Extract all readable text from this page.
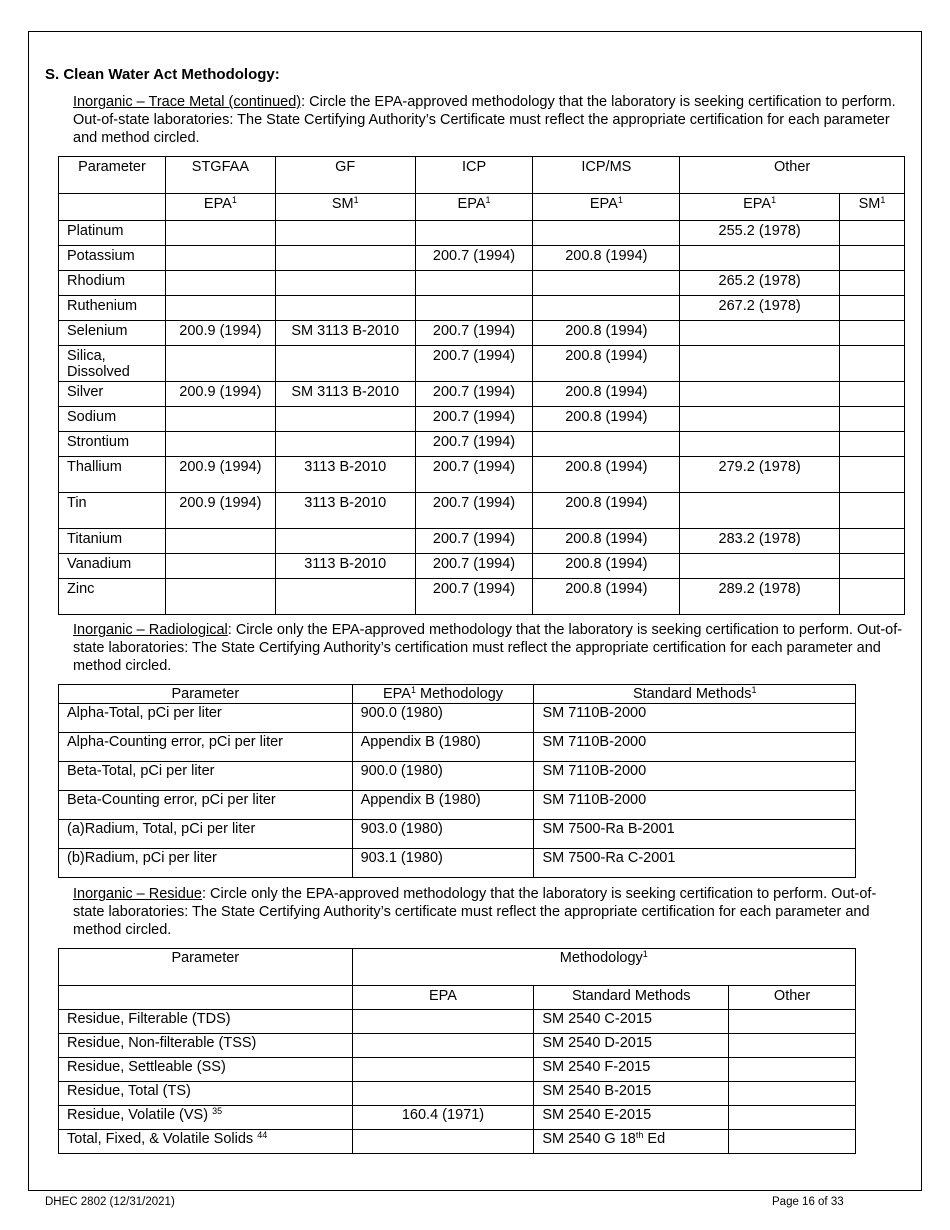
S. Clean Water Act Methodology:
Inorganic – Trace Metal (continued): Circle the EPA-approved methodology that the laboratory is seeking certification to perform. Out-of-state laboratories: The State Certifying Authority’s Certificate must reflect the appropriate certification for each parameter and method circled.
Parameter	STGFAA	GF	ICP	ICP/MS	Other	
	EPA$^1$	$SM^1$	EPA$^1$	EPA$^1$	EPA$^1$	$SM^1$
Platinum					255.2 (1978)	
Potassium			200.7 (1994)	200.8 (1994)		
Rhodium					265.2 (1978)	
Ruthenium					267.2 (1978)	
Selenium	200.9 (1994)	SM 3113 B-2010	200.7 (1994)	200.8 (1994)		
Silica, Dissolved			200.7 (1994)	200.8 (1994)		
Silver	200.9 (1994)	SM 3113 B-2010	200.7 (1994)	200.8 (1994)		
Sodium			200.7 (1994)	200.8 (1994)		
Strontium			200.7 (1994)			
Thallium	200.9 (1994)	3113 B-2010	200.7 (1994)	200.8 (1994)	279.2 (1978)	
Tin	200.9 (1994)	3113 B-2010	200.7 (1994)	200.8 (1994)		
Titanium			200.7 (1994)	200.8 (1994)	283.2 (1978)	
Vanadium		3113 B-2010	200.7 (1994)	200.8 (1994)		
Zinc			200.7 (1994)	200.8 (1994)	289.2 (1978)	
Inorganic – Radiological: Circle only the EPA-approved methodology that the laboratory is seeking certification to perform. Out-of-state laboratories: The State Certifying Authority’s certification must reflect the appropriate certification for each parameter and method circled.
Parameter	EPA$^1$ Methodology	Standard Methods$^1$
Alpha-Total, pCi per liter	900.0 (1980)	SM 7110B-2000
Alpha-Counting error, pCi per liter	Appendix B (1980)	SM 7110B-2000
Beta-Total, pCi per liter	900.0 (1980)	SM 7110B-2000
Beta-Counting error, pCi per liter	Appendix B (1980)	SM 7110B-2000
(a)Radium, Total, pCi per liter	903.0 (1980)	SM 7500-Ra B-2001
(b)Radium, pCi per liter	903.1 (1980)	SM 7500-Ra C-2001
Inorganic – Residue: Circle only the EPA-approved methodology that the laboratory is seeking certification to perform. Out-of-state laboratories: The State Certifying Authority’s certificate must reflect the appropriate certification for each parameter and method circled.
Parameter	Methodology$^1$
	EPA	Standard Methods	Other
Residue, Filterable (TDS)		SM 2540 C-2015	
Residue, Non-filterable (TSS)		SM 2540 D-2015	
Residue, Settleable (SS)		SM 2540 F-2015	
Residue, Total (TS)		SM 2540 B-2015	
Residue, Volatile (VS) $^{35}$	160.4 (1971)	SM 2540 E-2015	
Total, Fixed, & Volatile Solids $^{44}$		SM 2540 G 18th Ed	
DHEC 2802 (12/31/2021)	Page 16 of 33
